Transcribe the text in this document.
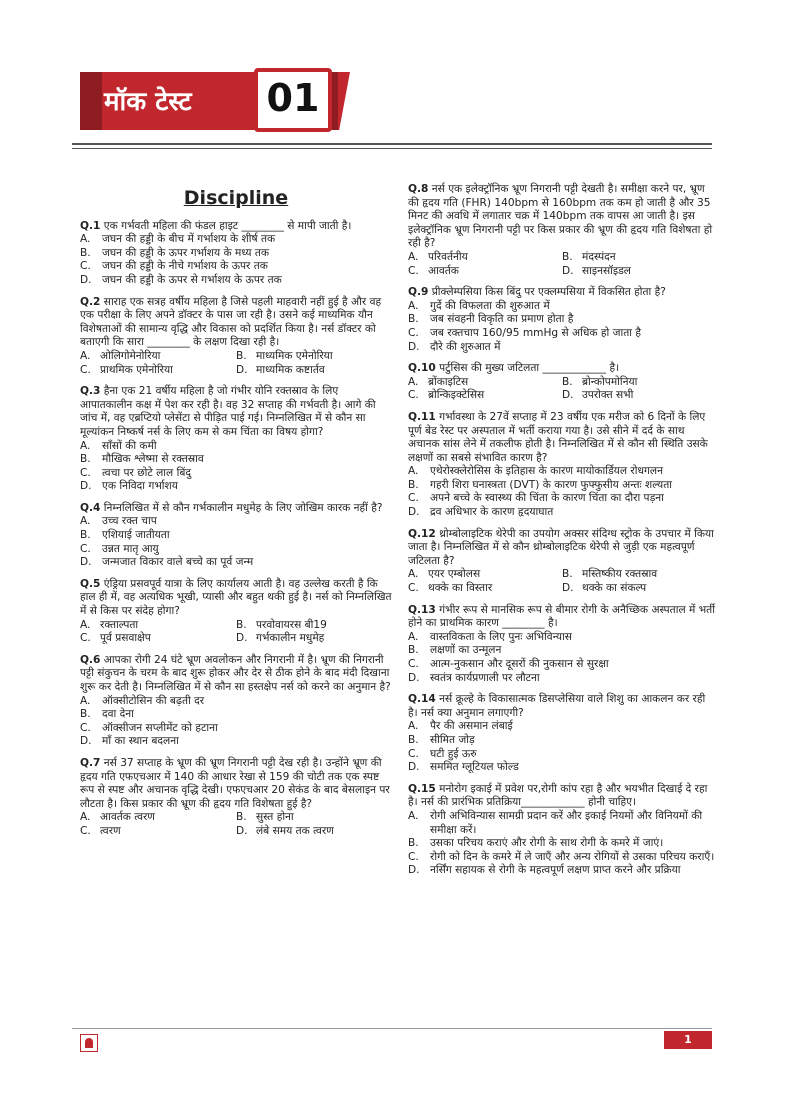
मॉक टेस्ट 01
Discipline
Q.1 एक गर्भवती महिला की फंडल हाइट ________ से मापी जाती है।
A.	जघन की हड्डी के बीच में गर्भाशय के शीर्ष तक
B.	जघन की हड्डी के ऊपर गर्भाशय के मध्य तक
C.	जघन की हड्डी के नीचे गर्भाशय के ऊपर तक
D. जघन की हड्डी के ऊपर से गर्भाशय के ऊपर तक
Q.2 साराह एक सत्रह वर्षीय महिला है जिसे पहली माहवारी नहीं हुई है और वह एक परीक्षा के लिए अपने डॉक्टर के पास जा रही है। उसने कई माध्यमिक यौन विशेषताओं की सामान्य वृद्धि और विकास को प्रदर्शित किया है। नर्स डॉक्टर को बताएगी कि सारा ________ के लक्षण दिखा रही है।
A. ओलिगोमेनोरिया	B. माध्यमिक एमेनोरिया
C. प्राथमिक एमेनोरिया	D. माध्यमिक कष्टार्तव
Q.3 हैना एक 21 वर्षीय महिला है जो गंभीर योनि रक्तस्राव के लिए आपातकालीन कक्ष में पेश कर रही है। वह 32 सप्ताह की गर्भवती है। आगे की जांच में, वह एब्रप्टियो प्लेसेंटा से पीड़ित पाई गई। निम्नलिखित में से कौन सा मूल्यांकन निष्कर्ष नर्स के लिए कम से कम चिंता का विषय होगा?
A.	साँसों की कमी
B.	मौखिक श्लेष्मा से रक्तस्राव
C.	त्वचा पर छोटे लाल बिंदु
D. एक निविदा गर्भाशय
Q.4 निम्नलिखित में से कौन गर्भकालीन मधुमेह के लिए जोखिम कारक नहीं है?
A.	उच्च रक्त चाप
B.	एशियाई जातीयता
C.	उन्नत मातृ आयु
D. जन्मजात विकार वाले बच्चे का पूर्व जन्म
Q.5 एंड्रिया प्रसवपूर्व यात्रा के लिए कार्यालय आती है। वह उल्लेख करती है कि हाल ही में, वह अत्यधिक भूखी, प्यासी और बहुत थकी हुई है। नर्स को निम्नलिखित में से किस पर संदेह होगा?
A. रक्ताल्पता	B. परवोवायरस बी19
C. पूर्व प्रसवाक्षेप	D. गर्भकालीन मधुमेह
Q.6 आपका रोगी 24 घंटे भ्रूण अवलोकन और निगरानी में है। भ्रूण की निगरानी पट्टी संकुचन के चरम के बाद शुरू होकर और देर से ठीक होने के बाद मंदी दिखाना शुरू कर देती है। निम्नलिखित में से कौन सा हस्तक्षेप नर्स को करने का अनुमान है?
A.	ऑक्सीटोसिन की बढ़ती दर
B.	दवा देना
C.	ऑक्सीजन सप्लीमेंट को हटाना
D. माँ का स्थान बदलना
Q.7 नर्स 37 सप्ताह के भ्रूण की भ्रूण निगरानी पट्टी देख रही है। उन्होंने भ्रूण की हृदय गति एफएचआर में 140 की आधार रेखा से 159 की चोटी तक एक स्पष्ट रूप से स्पष्ट और अचानक वृद्धि देखी। एफएचआर 20 सेकंड के बाद बेसलाइन पर लौटता है। किस प्रकार की भ्रूण की हृदय गति विशेषता हुई है?
A. आवर्तक त्वरण	B. सुस्त होना
C. त्वरण	D. लंबे समय तक त्वरण
Q.8 नर्स एक इलेक्ट्रॉनिक भ्रूण निगरानी पट्टी देखती है। समीक्षा करने पर, भ्रूण की हृदय गति (FHR) 140bpm से 160bpm तक कम हो जाती है और 35 मिनट की अवधि में लगातार चक्र में 140bpm तक वापस आ जाती है। इस इलेक्ट्रॉनिक भ्रूण निगरानी पट्टी पर किस प्रकार की भ्रूण की हृदय गति विशेषता हो रही है?
A. परिवर्तनीय	B. मंदस्पंदन
C. आवर्तक	D. साइनसॉइडल
Q.9 प्रीक्लेम्पसिया किस बिंदु पर एक्लम्पसिया में विकसित होता है?
A.	गुर्दे की विफलता की शुरुआत में
B.	जब संवहनी विकृति का प्रमाण होता है
C.	जब रक्तचाप 160/95 mmHg से अधिक हो जाता है
D. दौरे की शुरुआत में
Q.10 पर्टुसिस की मुख्य जटिलता ____________ है।
A. ब्रोंकाइटिस	B. ब्रोन्कोपमोनिया
C. ब्रोन्किइक्टेसिस	D. उपरोक्त सभी
Q.11 गर्भावस्था के 27वें सप्ताह में 23 वर्षीय एक मरीज को 6 दिनों के लिए पूर्ण बेड रेस्ट पर अस्पताल में भर्ती कराया गया है। उसे सीने में दर्द के साथ अचानक सांस लेने में तकलीफ होती है। निम्नलिखित में से कौन सी स्थिति उसके लक्षणों का सबसे संभावित कारण है?
A.	एथेरोस्क्लेरोसिस के इतिहास के कारण मायोकार्डियल रोधगलन
B.	गहरी शिरा घनास्त्रता (DVT) के कारण फुफ्फुसीय अन्तः शल्यता
C.	अपने बच्चे के स्वास्थ्य की चिंता के कारण चिंता का दौरा पड़ना
D. द्रव अधिभार के कारण हृदयाघात
Q.12 थ्रोम्बोलाइटिक थेरेपी का उपयोग अक्सर संदिग्ध स्ट्रोक के उपचार में किया जाता है। निम्नलिखित में से कौन थ्रोम्बोलाइटिक थेरेपी से जुड़ी एक महत्वपूर्ण जटिलता है?
A. एयर एम्बोलस	B. मस्तिष्कीय रक्तस्राव
C. थक्के का विस्तार	D. थक्के का संकल्प
Q.13 गंभीर रूप से मानसिक रूप से बीमार रोगी के अनैच्छिक अस्पताल में भर्ती होने का प्राथमिक कारण ________ है।
A.	वास्तविकता के लिए पुनः अभिविन्यास
B.	लक्षणों का उन्मूलन
C.	आत्म-नुकसान और दूसरों की नुकसान से सुरक्षा
D. स्वतंत्र कार्यप्रणाली पर लौटना
Q.14 नर्स क्रूल्हे के विकासात्मक डिसप्लेसिया वाले शिशु का आकलन कर रही है। नर्स क्या अनुमान लगाएगी?
A.	पैर की असमान लंबाई
B.	सीमित जोड़
C.	घटी हुई ऊरु
D. सममित ग्लूटियल फोल्ड
Q.15 मनोरोग इकाई में प्रवेश पर,रोगी कांप रहा है और भयभीत दिखाई दे रहा है। नर्स की प्रारंभिक प्रतिक्रिया____________ होनी चाहिए।
A.	रोगी अभिविन्यास सामग्री प्रदान करें और इकाई नियमों और विनियमों की समीक्षा करें।
B.	उसका परिचय कराएं और रोगी के साथ रोगी के कमरे में जाएं।
C.	रोगी को दिन के कमरे में ले जाएँ और अन्य रोगियों से उसका परिचय कराएँ।
D. नर्सिंग सहायक से रोगी के महत्वपूर्ण लक्षण प्राप्त करने और प्रक्रिया
1
